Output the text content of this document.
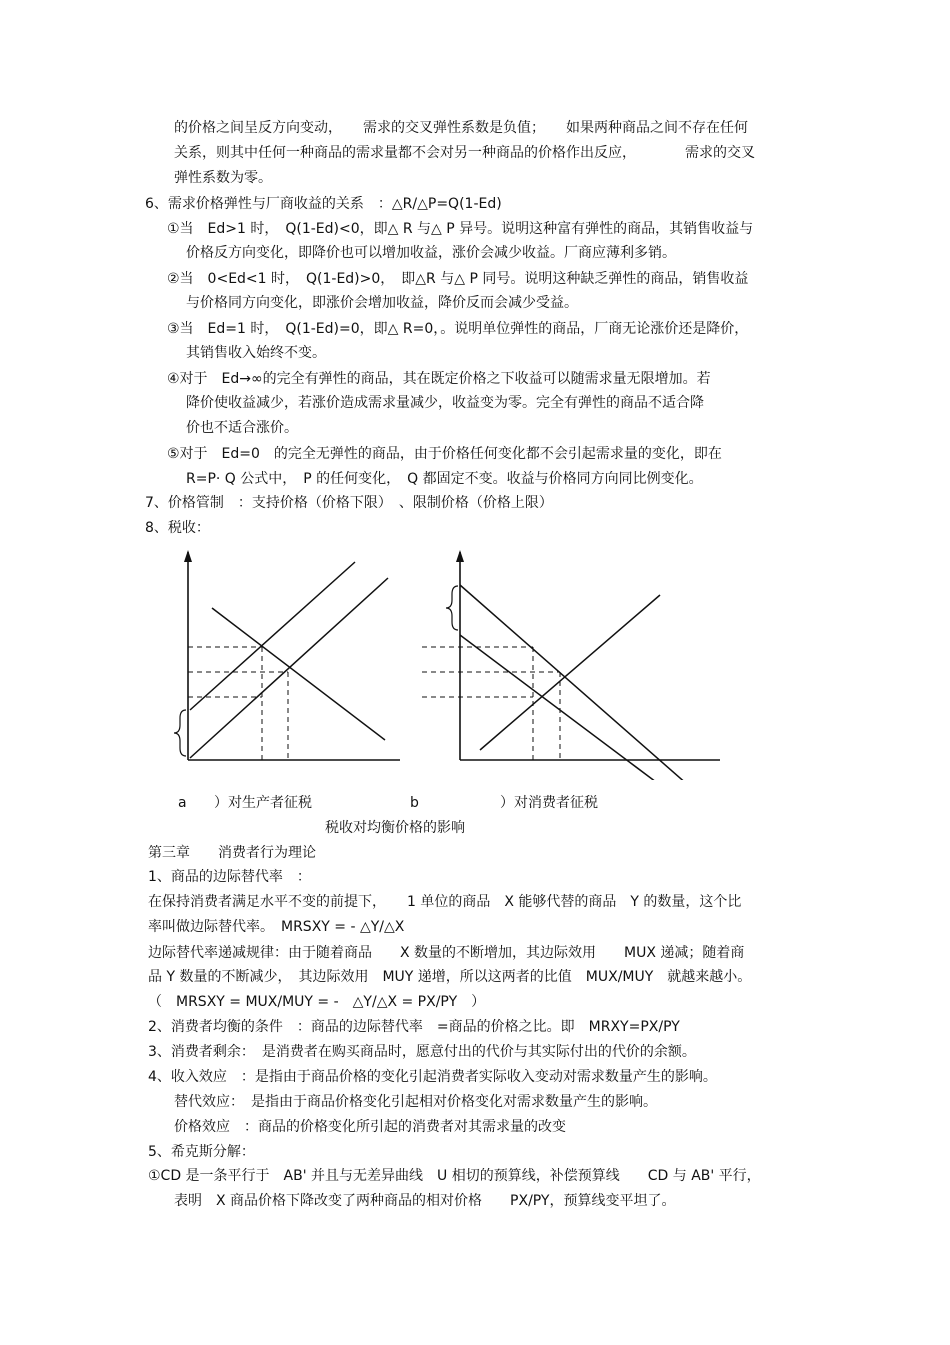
的价格之间呈反方向变动，　　需求的交叉弹性系数是负值；　　如果两种商品之间不存在任何
关系，则其中任何一种商品的需求量都不会对另一种商品的价格作出反应，　　　　需求的交叉
弹性系数为零。
6、需求价格弹性与厂商收益的关系　：△R/△P=Q(1-Ed)
①当　Ed>1 时，　Q(1-Ed)<0，即△ R 与△ P 异号。说明这种富有弹性的商品，其销售收益与
价格反方向变化，即降价也可以增加收益，涨价会减少收益。厂商应薄利多销。
②当　0<Ed<1 时，　Q(1-Ed)>0，　即△R 与△ P 同号。说明这种缺乏弹性的商品，销售收益
与价格同方向变化，即涨价会增加收益，降价反而会减少受益。
③当　Ed=1 时，　Q(1-Ed)=0，即△ R=0，。说明单位弹性的商品，厂商无论涨价还是降价，
其销售收入始终不变。
④对于　Ed→∞的完全有弹性的商品，其在既定价格之下收益可以随需求量无限增加。若
降价使收益减少，若涨价造成需求量减少，收益变为零。完全有弹性的商品不适合降
价也不适合涨价。
⑤对于　Ed=0　的完全无弹性的商品，由于价格任何变化都不会引起需求量的变化，即在
R=P· Q 公式中，　P 的任何变化，　Q 都固定不变。收益与价格同方向同比例变化。
7、价格管制　：支持价格（价格下限）　、限制价格（价格上限）
8、税收：
a ）对生产者征税	b	）对消费者征税
税收对均衡价格的影响
第三章　　消费者行为理论
1、商品的边际替代率　：
在保持消费者满足水平不变的前提下，　　1 单位的商品　X 能够代替的商品　Y 的数量，这个比
率叫做边际替代率。　MRSXY = - △Y/△X
边际替代率递减规律：由于随着商品　　X 数量的不断增加，其边际效用　　MUX 递减；随着商
品 Y 数量的不断减少，　其边际效用　MUY 递增，所以这两者的比值　MUX/MUY　就越来越小。
（　MRSXY = MUX/MUY = -　△Y/△X = PX/PY　）
2、消费者均衡的条件　：商品的边际替代率　=商品的价格之比。即　MRXY=PX/PY
3、消费者剩余：　是消费者在购买商品时，愿意付出的代价与其实际付出的代价的余额。
4、收入效应　：是指由于商品价格的变化引起消费者实际收入变动对需求数量产生的影响。
替代效应：　是指由于商品价格变化引起相对价格变化对需求数量产生的影响。
价格效应　：商品的价格变化所引起的消费者对其需求量的改变
5、希克斯分解：
①CD 是一条平行于　AB' 并且与无差异曲线　U 相切的预算线，补偿预算线　　CD 与 AB' 平行，
表明　X 商品价格下降改变了两种商品的相对价格　　PX/PY，预算线变平坦了。
